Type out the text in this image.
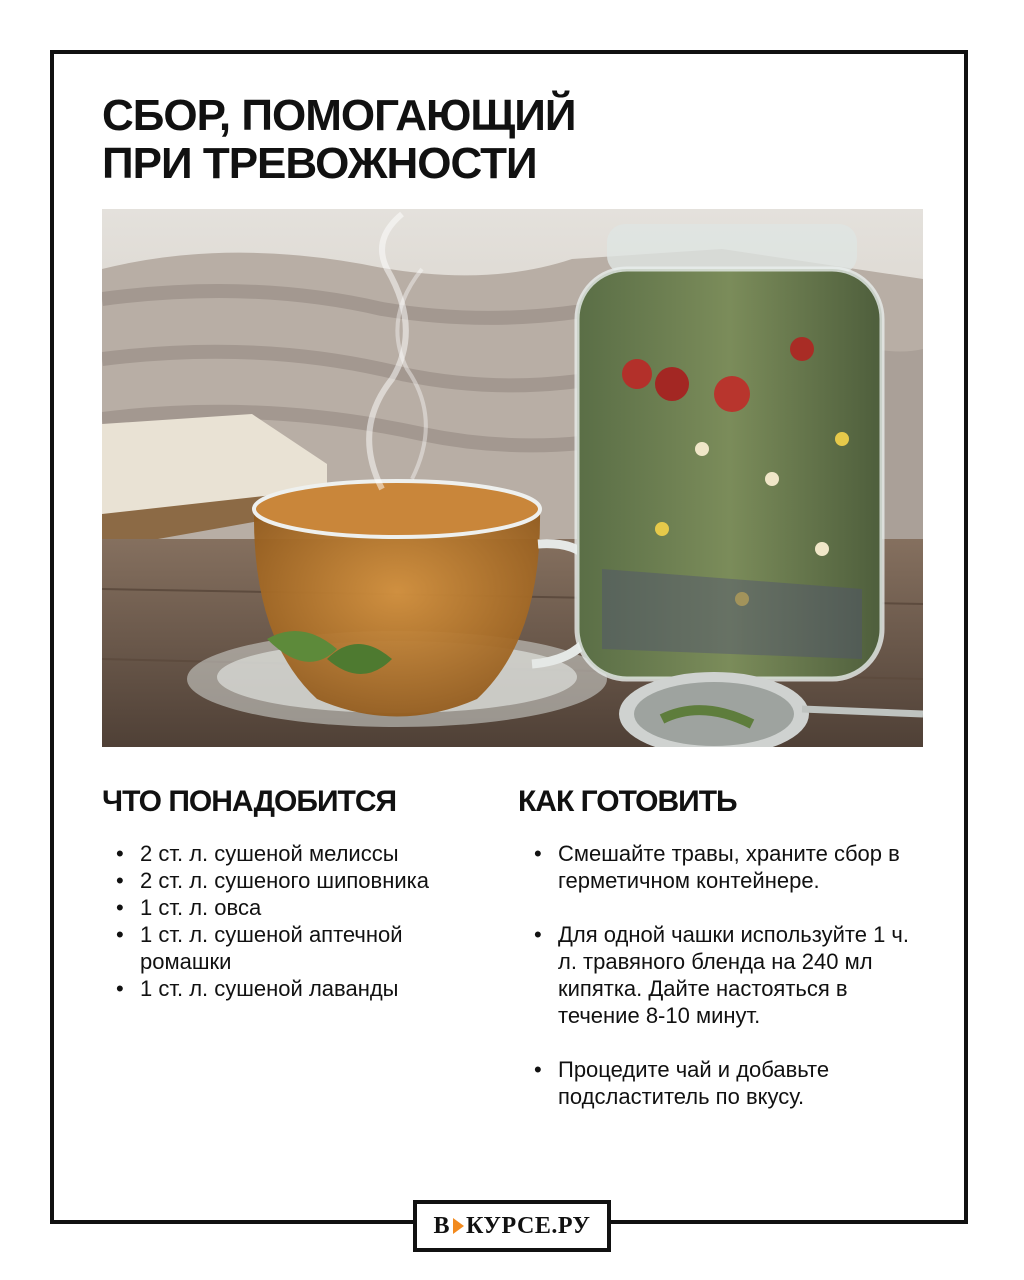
СБОР, ПОМОГАЮЩИЙ
ПРИ ТРЕВОЖНОСТИ
ЧТО ПОНАДОБИТСЯ	КАК ГОТОВИТЬ
• 2 ст. л. сушеной мелиссы
• 2 ст. л. сушеного шиповника
• 1 ст. л. овса
• 1 ст. л. сушеной аптечной ромашки
• 1 ст. л. сушеной лаванды
• Смешайте травы, храните сбор в герметичном контейнере.
• Для одной чашки используйте 1 ч. л. травяного бленда на 240 мл кипятка. Дайте настояться в течение 8-10 минут.
• Процедите чай и добавьте подсластитель по вкусу.
В КУРСЕ.РУ
